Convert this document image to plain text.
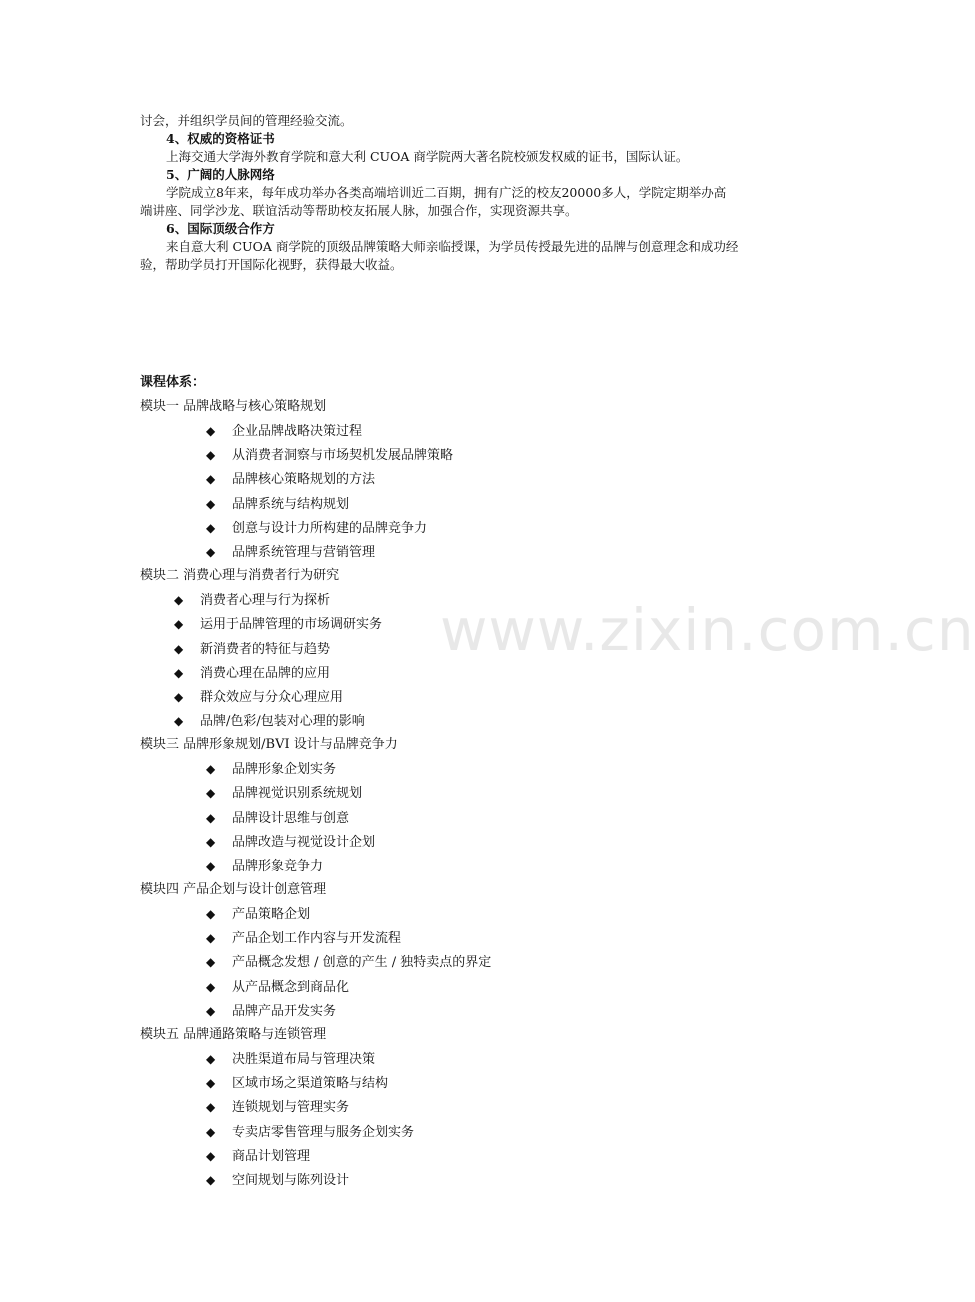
www.zixin.com.cn
讨会，并组织学员间的管理经验交流。
4、权威的资格证书
上海交通大学海外教育学院和意大利 CUOA 商学院两大著名院校颁发权威的证书，国际认证。
5、广阔的人脉网络
学院成立8年来，每年成功举办各类高端培训近二百期，拥有广泛的校友20000多人，学院定期举办高
端讲座、同学沙龙、联谊活动等帮助校友拓展人脉，加强合作，实现资源共享。
6、国际顶级合作方
来自意大利 CUOA 商学院的顶级品牌策略大师亲临授课，为学员传授最先进的品牌与创意理念和成功经
验，帮助学员打开国际化视野，获得最大收益。
课程体系：
模块一 品牌战略与核心策略规划
◆ 企业品牌战略决策过程
◆ 从消费者洞察与市场契机发展品牌策略
◆ 品牌核心策略规划的方法
◆ 品牌系统与结构规划
◆ 创意与设计力所构建的品牌竞争力
◆ 品牌系统管理与营销管理
模块二 消费心理与消费者行为研究
◆ 消费者心理与行为探析
◆ 运用于品牌管理的市场调研实务
◆ 新消费者的特征与趋势
◆ 消费心理在品牌的应用
◆ 群众效应与分众心理应用
◆ 品牌/色彩/包装对心理的影响
模块三 品牌形象规划/BVI 设计与品牌竞争力
◆ 品牌形象企划实务
◆ 品牌视觉识别系统规划
◆ 品牌设计思维与创意
◆ 品牌改造与视觉设计企划
◆ 品牌形象竞争力
模块四 产品企划与设计创意管理
◆ 产品策略企划
◆ 产品企划工作内容与开发流程
◆ 产品概念发想 / 创意的产生 / 独特卖点的界定
◆ 从产品概念到商品化
◆ 品牌产品开发实务
模块五 品牌通路策略与连锁管理
◆ 决胜渠道布局与管理决策
◆ 区域市场之渠道策略与结构
◆ 连锁规划与管理实务
◆ 专卖店零售管理与服务企划实务
◆ 商品计划管理
◆ 空间规划与陈列设计
